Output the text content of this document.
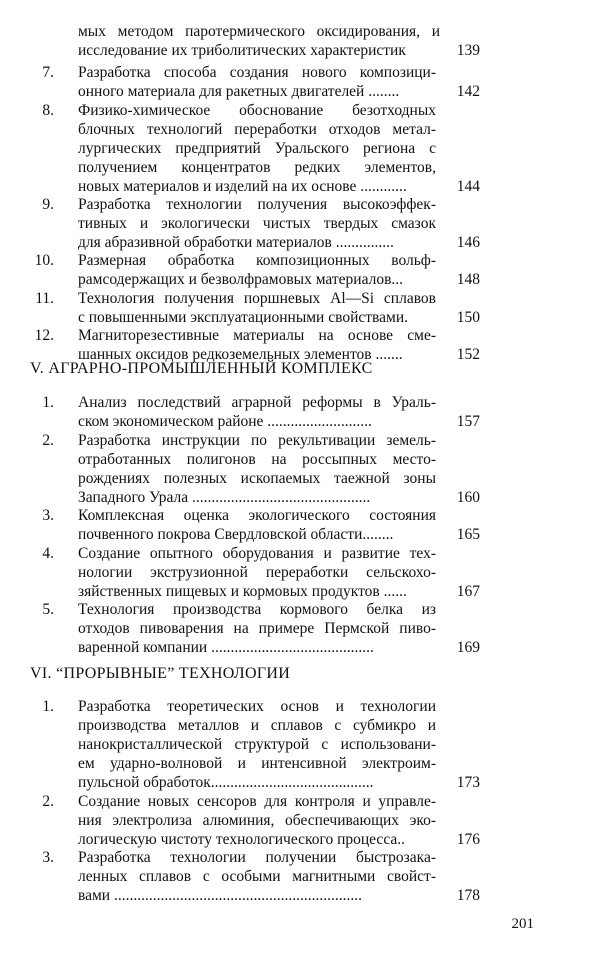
мых методом паротермического оксидирования, и
исследование их триболитических характеристик	139
7. Разработка способа создания нового композици-
онного материала для ракетных двигателей ........	142
8. Физико-химическое обоснование безотходных
блочных технологий переработки отходов метал-
лургических предприятий Уральского региона с
получением концентратов редких элементов,
новых материалов и изделий на их основе ............	144
9. Разработка технологии получения высокоэффек-
тивных и экологически чистых твердых смазок
для абразивной обработки материалов ...............	146
10. Размерная обработка композиционных вольф-
рамсодержащих и безволфрамовых материалов...	148
11. Технология получения поршневых Al—Si сплавов
с повышенными эксплуатационными свойствами.	150
12. Магниторезестивные материалы на основе сме-
шанных оксидов редкоземельных элементов .......	152
V. АГРАРНО-ПРОМЫШЛЕННЫЙ КОМПЛЕКС
1. Анализ последствий аграрной реформы в Ураль-
ском экономическом районе ...........................	157
2. Разработка инструкции по рекультивации земель-
отработанных полигонов на россыпных место-
рождениях полезных ископаемых таежной зоны
Западного Урала ..............................................	160
3. Комплексная оценка экологического состояния
почвенного покрова Свердловской области........	165
4. Создание опытного оборудования и развитие тех-
нологии экструзионной переработки сельскохо-
зяйственных пищевых и кормовых продуктов ......	167
5. Технология производства кормового белка из
отходов пивоварения на примере Пермской пиво-
варенной компании ..........................................	169
VI. “ПРОРЫВНЫЕ” ТЕХНОЛОГИИ
1. Разработка теоретических основ и технологии
производства металлов и сплавов с субмикро и
нанокристаллической структурой с использовани-
ем ударно-волновой и интенсивной электроим-
пульсной обработок..........................................	173
2. Создание новых сенсоров для контроля и управле-
ния электролиза алюминия, обеспечивающих эко-
логическую чистоту технологического процесса..	176
3. Разработка технологии получении быстрозака-
ленных сплавов с особыми магнитными свойст-
вами ................................................................	178
201
